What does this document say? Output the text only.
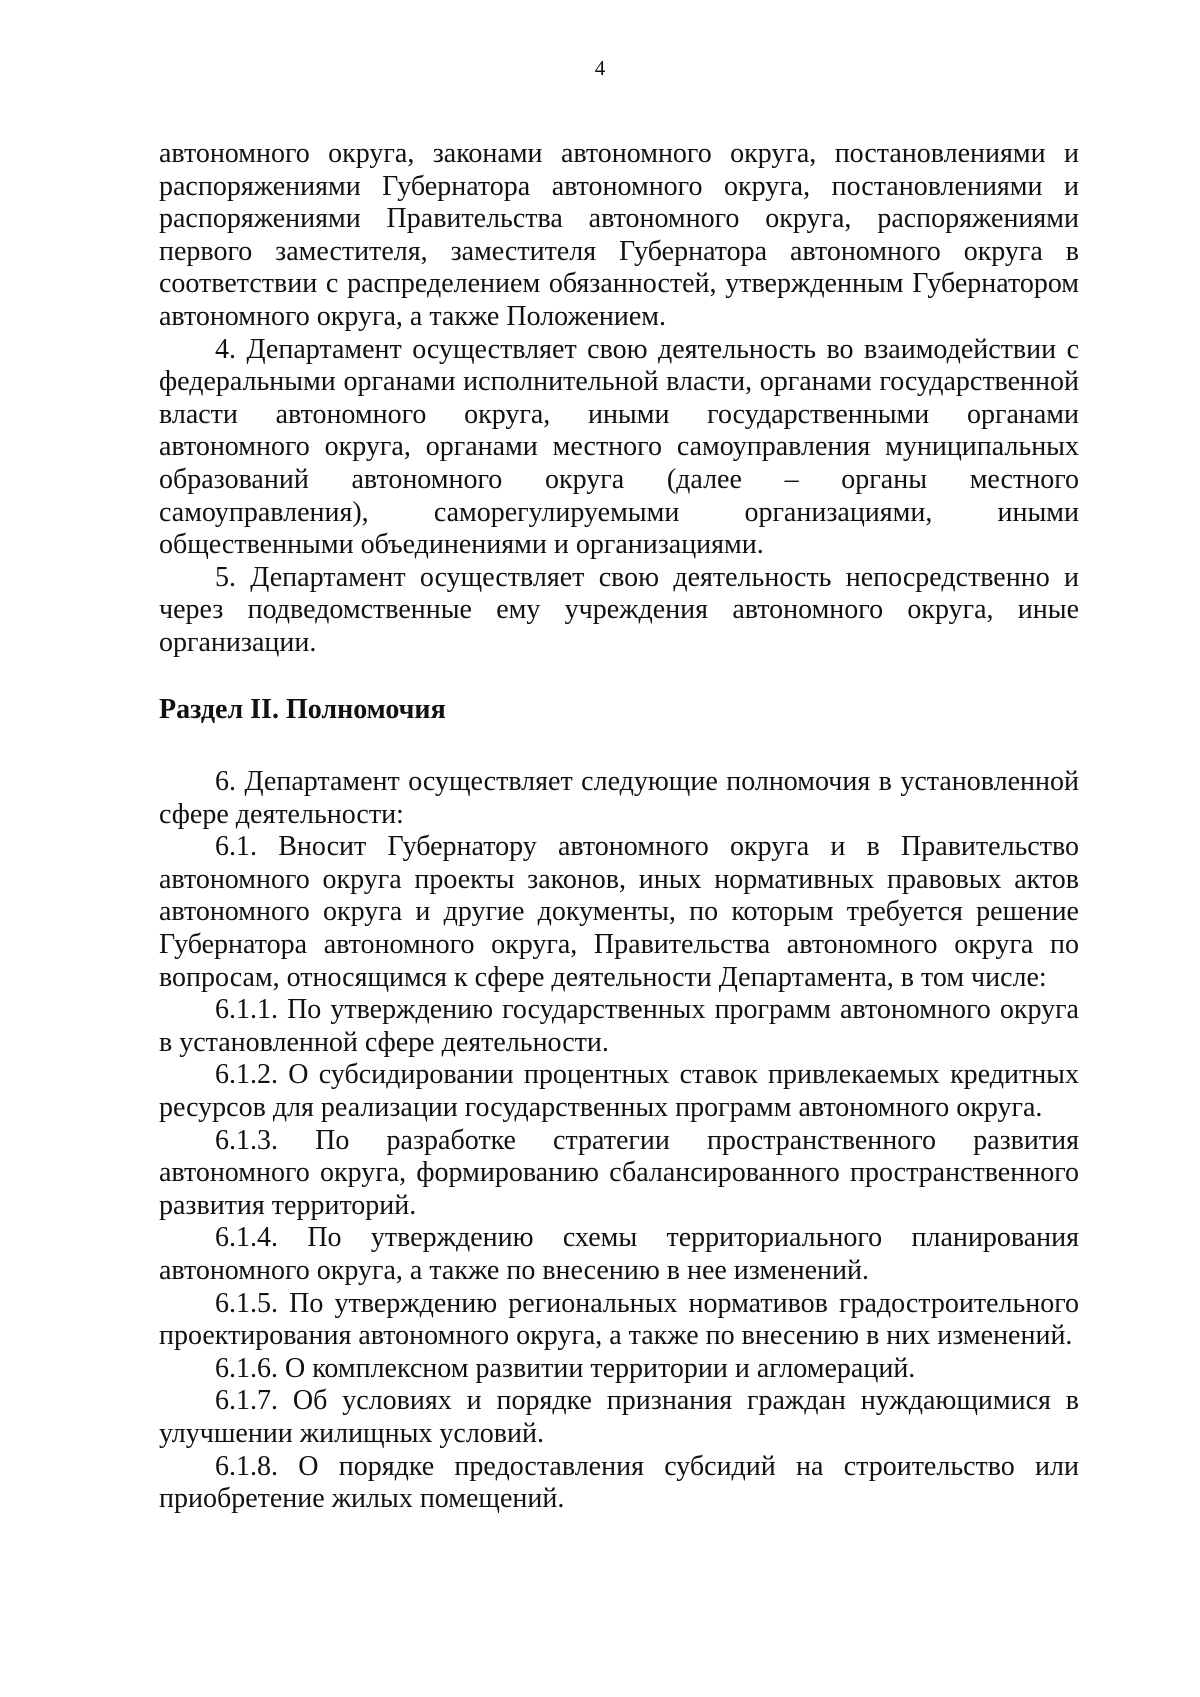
4

автономного округа, законами автономного округа, постановлениями и распоряжениями Губернатора автономного округа, постановлениями и распоряжениями Правительства автономного округа, распоряжениями первого заместителя, заместителя Губернатора автономного округа в соответствии с распределением обязанностей, утвержденным Губернатором автономного округа, а также Положением.

4. Департамент осуществляет свою деятельность во взаимодействии с федеральными органами исполнительной власти, органами государственной власти автономного округа, иными государственными органами автономного округа, органами местного самоуправления муниципальных образований автономного округа (далее – органы местного самоуправления), саморегулируемыми организациями, иными общественными объединениями и организациями.

5. Департамент осуществляет свою деятельность непосредственно и через подведомственные ему учреждения автономного округа, иные организации.

Раздел II. Полномочия

6. Департамент осуществляет следующие полномочия в установленной сфере деятельности:

6.1. Вносит Губернатору автономного округа и в Правительство автономного округа проекты законов, иных нормативных правовых актов автономного округа и другие документы, по которым требуется решение Губернатора автономного округа, Правительства автономного округа по вопросам, относящимся к сфере деятельности Департамента, в том числе:

6.1.1. По утверждению государственных программ автономного округа в установленной сфере деятельности.

6.1.2. О субсидировании процентных ставок привлекаемых кредитных ресурсов для реализации государственных программ автономного округа.

6.1.3. По разработке стратегии пространственного развития автономного округа, формированию сбалансированного пространственного развития территорий.

6.1.4. По утверждению схемы территориального планирования автономного округа, а также по внесению в нее изменений.

6.1.5. По утверждению региональных нормативов градостроительного проектирования автономного округа, а также по внесению в них изменений.

6.1.6. О комплексном развитии территории и агломераций.

6.1.7. Об условиях и порядке признания граждан нуждающимися в улучшении жилищных условий.

6.1.8. О порядке предоставления субсидий на строительство или приобретение жилых помещений.
